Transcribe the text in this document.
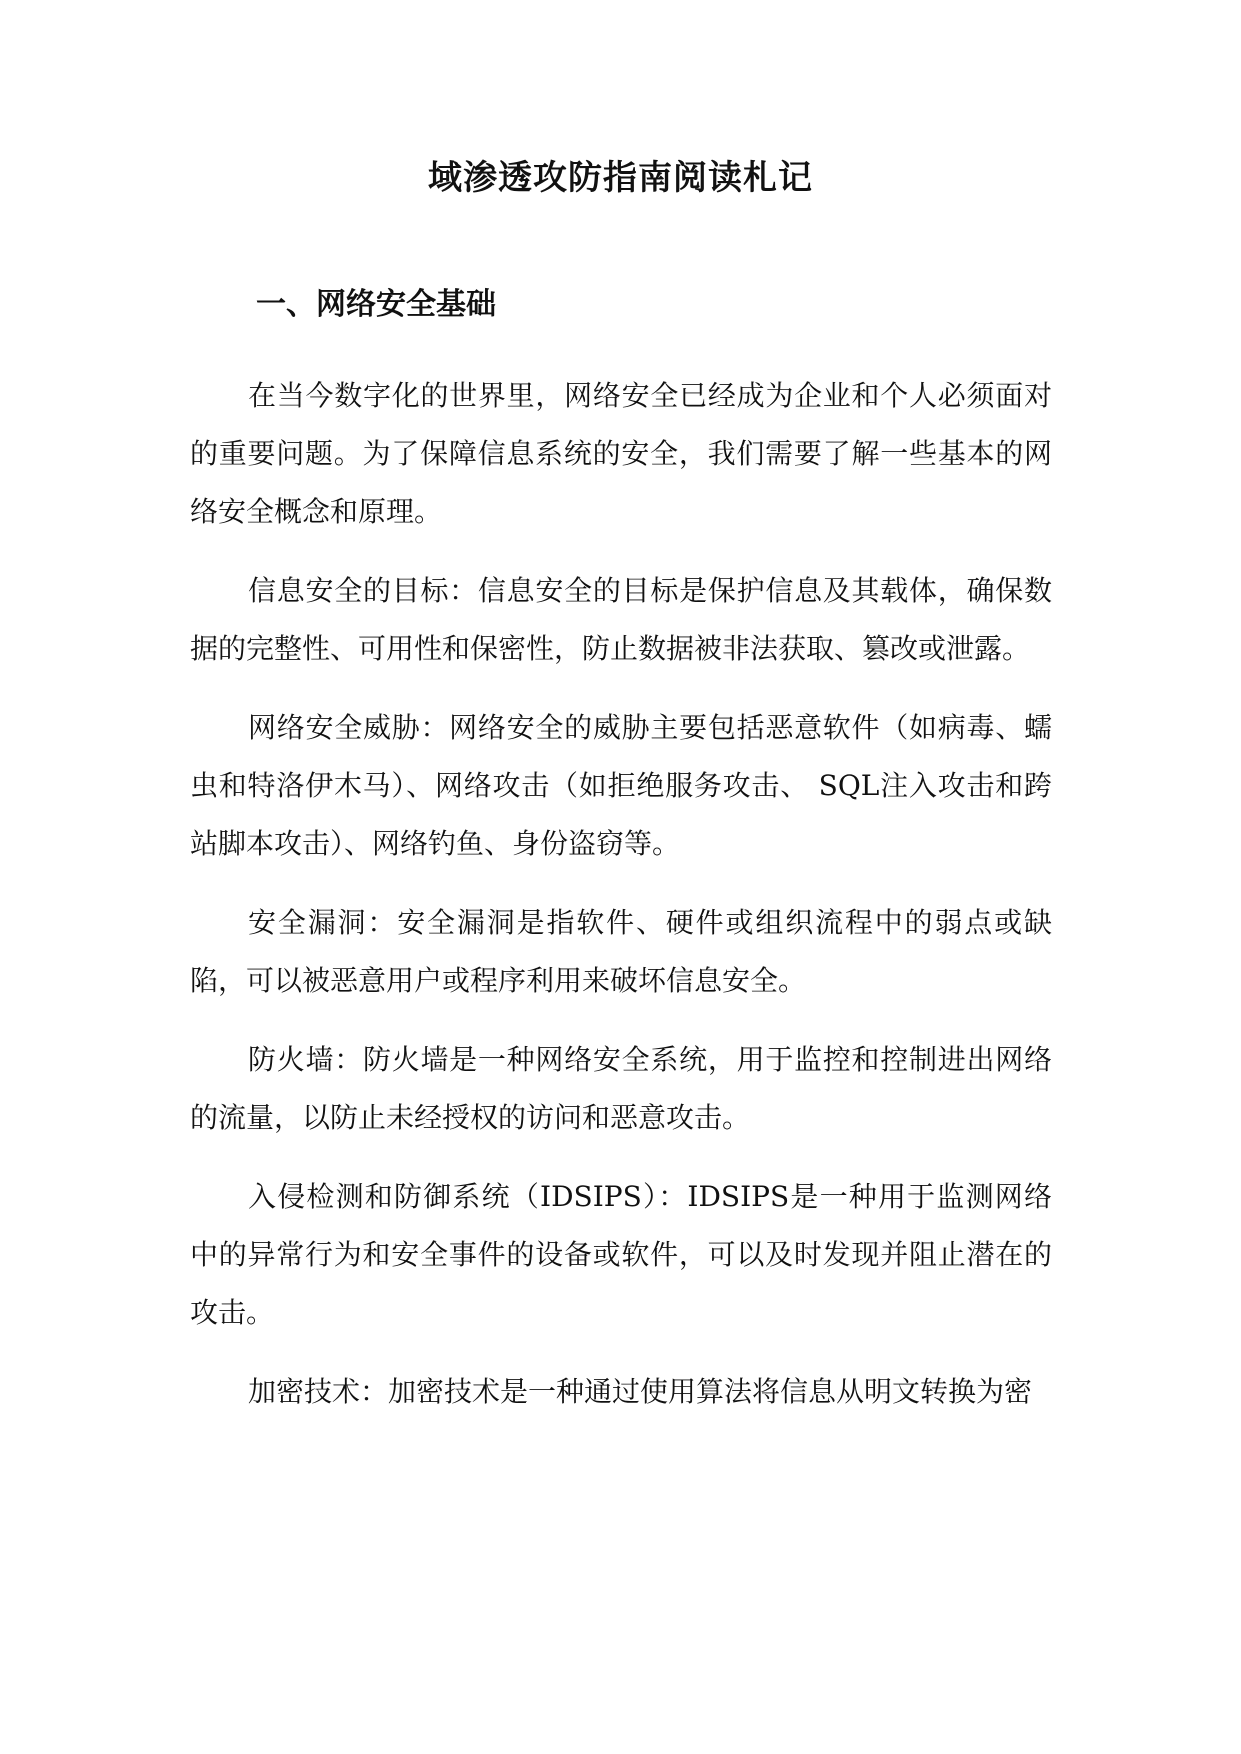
域渗透攻防指南阅读札记
一、网络安全基础

在当今数字化的世界里，网络安全已经成为企业和个人必须面对的重要问题。为了保障信息系统的安全，我们需要了解一些基本的网络安全概念和原理。

信息安全的目标：信息安全的目标是保护信息及其载体，确保数据的完整性、可用性和保密性，防止数据被非法获取、篡改或泄露。

网络安全威胁：网络安全的威胁主要包括恶意软件（如病毒、蠕虫和特洛伊木马）、网络攻击（如拒绝服务攻击、 SQL注入攻击和跨站脚本攻击）、网络钓鱼、身份盗窃等。

安全漏洞：安全漏洞是指软件、硬件或组织流程中的弱点或缺陷，可以被恶意用户或程序利用来破坏信息安全。

防火墙：防火墙是一种网络安全系统，用于监控和控制进出网络的流量，以防止未经授权的访问和恶意攻击。

入侵检测和防御系统（IDSIPS）：IDSIPS是一种用于监测网络中的异常行为和安全事件的设备或软件，可以及时发现并阻止潜在的攻击。

加密技术：加密技术是一种通过使用算法将信息从明文转换为密
